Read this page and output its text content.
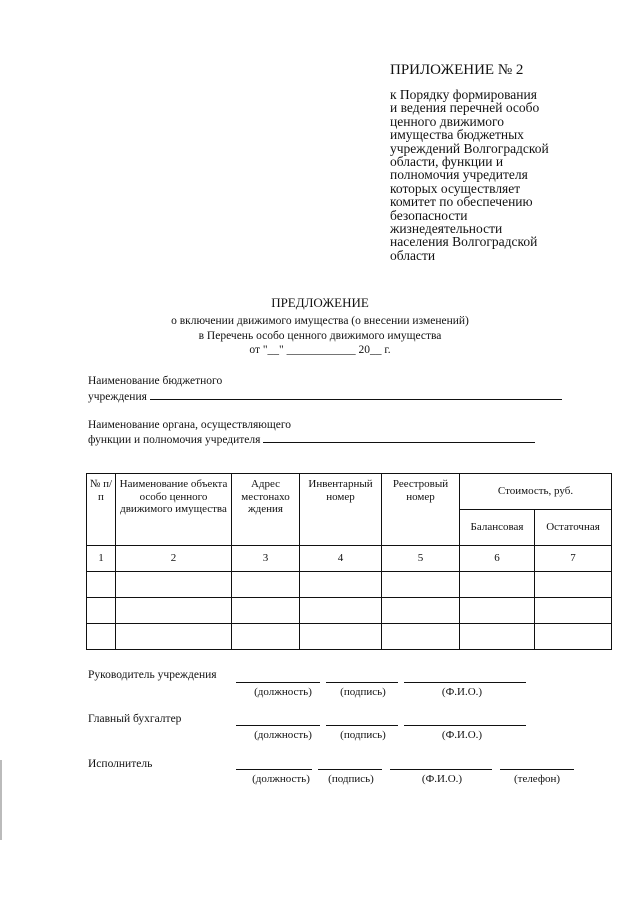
ПРИЛОЖЕНИЕ № 2
к Порядку формирования
и ведения перечней особо
ценного движимого
имущества бюджетных
учреждений Волгоградской
области, функции и
полномочия учредителя
которых осуществляет
комитет по обеспечению
безопасности
жизнедеятельности
населения Волгоградской
области
ПРЕДЛОЖЕНИЕ
о включении движимого имущества (о внесении изменений)
в Перечень особо ценного движимого имущества
от "__" ____________ 20__ г.
Наименование бюджетного
учреждения
Наименование органа, осуществляющего
функции и полномочия учредителя
№ п/п	Наименование объекта особо ценного движимого имущества	Адрес местонахо ждения	Инвентарный номер	Реестровый номер	Стоимость, руб.	
					Балансовая	Остаточная
1	2	3	4	5	6	7

Руководитель учреждения
(должность)	(подпись)	(Ф.И.О.)
Главный бухгалтер
(должность)	(подпись)	(Ф.И.О.)
Исполнитель
(должность)	(подпись)	(Ф.И.О.)	(телефон)
